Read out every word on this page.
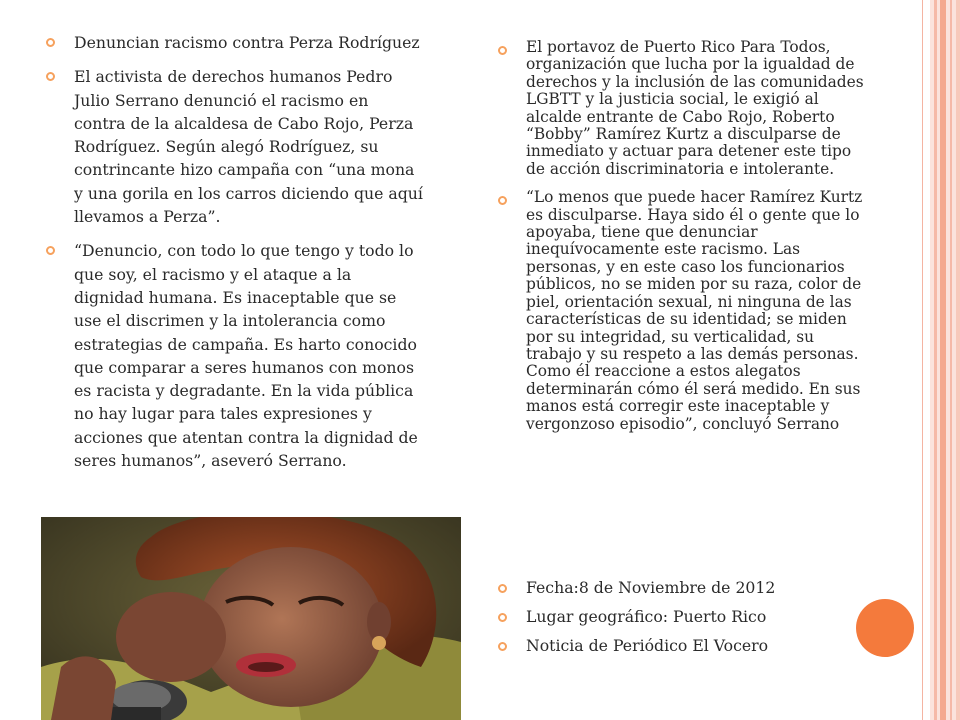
Denuncian racismo contra Perza Rodríguez
El activista de derechos humanos Pedro Julio Serrano denunció el racismo en contra de la alcaldesa de Cabo Rojo, Perza Rodríguez. Según alegó Rodríguez, su contrincante hizo campaña con “una mona y una gorila en los carros diciendo que aquí llevamos a Perza”.
“Denuncio, con todo lo que tengo y todo lo que soy, el racismo y el ataque a la dignidad humana. Es inaceptable que se use el discrimen y la intolerancia como estrategias de campaña. Es harto conocido que comparar a seres humanos con monos es racista y degradante. En la vida pública no hay lugar para tales expresiones y acciones que atentan contra la dignidad de seres humanos”, aseveró Serrano.
El portavoz de Puerto Rico Para Todos, organización que lucha por la igualdad de derechos y la inclusión de las comunidades LGBTT y la justicia social, le exigió al alcalde entrante de Cabo Rojo, Roberto “Bobby” Ramírez Kurtz a disculparse de inmediato y actuar para detener este tipo de acción discriminatoria e intolerante.
“Lo menos que puede hacer Ramírez Kurtz es disculparse. Haya sido él o gente que lo apoyaba, tiene que denunciar inequívocamente este racismo. Las personas, y en este caso los funcionarios públicos, no se miden por su raza, color de piel, orientación sexual, ni ninguna de las características de su identidad; se miden por su integridad, su verticalidad, su trabajo y su respeto a las demás personas. Como él reaccione a estos alegatos determinarán cómo él será medido. En sus manos está corregir este inaceptable y vergonzoso episodio”, concluyó Serrano
Fecha:8 de Noviembre de 2012
Lugar geográfico: Puerto Rico
Noticia de Periódico El Vocero
